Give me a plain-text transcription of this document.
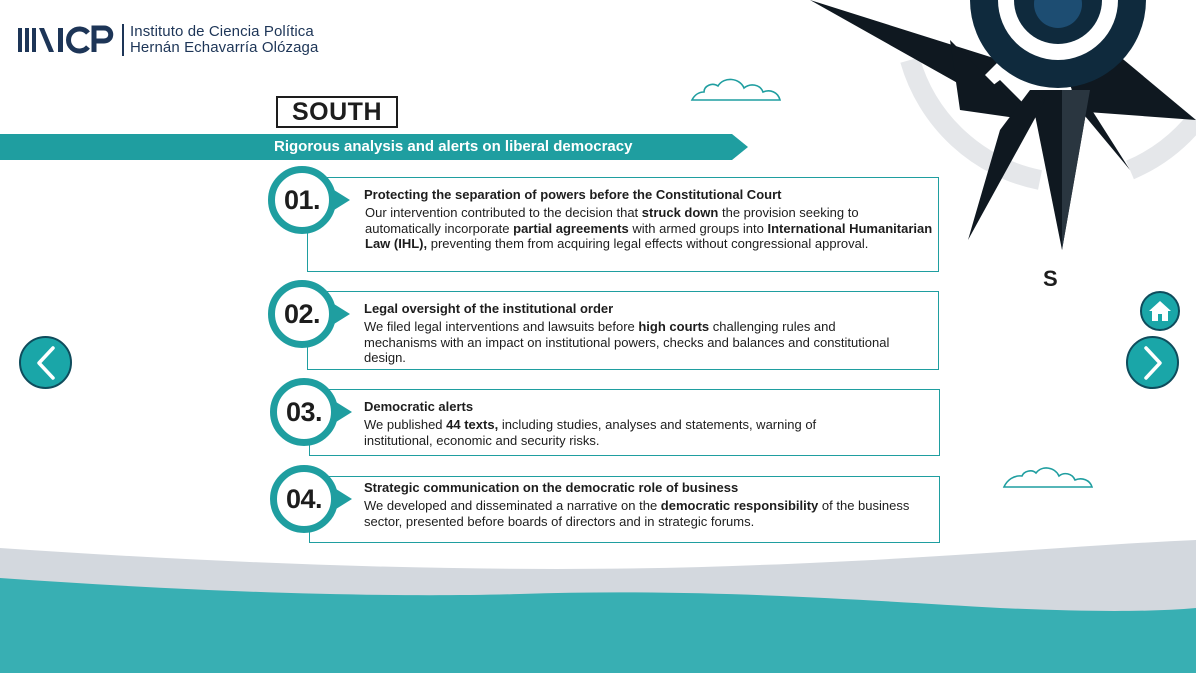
S
Instituto de Ciencia Política
Hernán Echavarría Olózaga
SOUTH
Rigorous analysis and alerts on liberal democracy
01.	Protecting the separation of powers before the Constitutional Court
Our intervention contributed to the decision that struck down the provision seeking to automatically incorporate partial agreements with armed groups into International Humanitarian Law (IHL), preventing them from acquiring legal effects without congressional approval.
02.	Legal oversight of the institutional order
We filed legal interventions and lawsuits before high courts challenging rules and mechanisms with an impact on institutional powers, checks and balances and constitutional design.
03.	Democratic alerts
We published 44 texts, including studies, analyses and statements, warning of institutional, economic and security risks.
04.	Strategic communication on the democratic role of business
We developed and disseminated a narrative on the democratic responsibility of the business sector, presented before boards of directors and in strategic forums.
